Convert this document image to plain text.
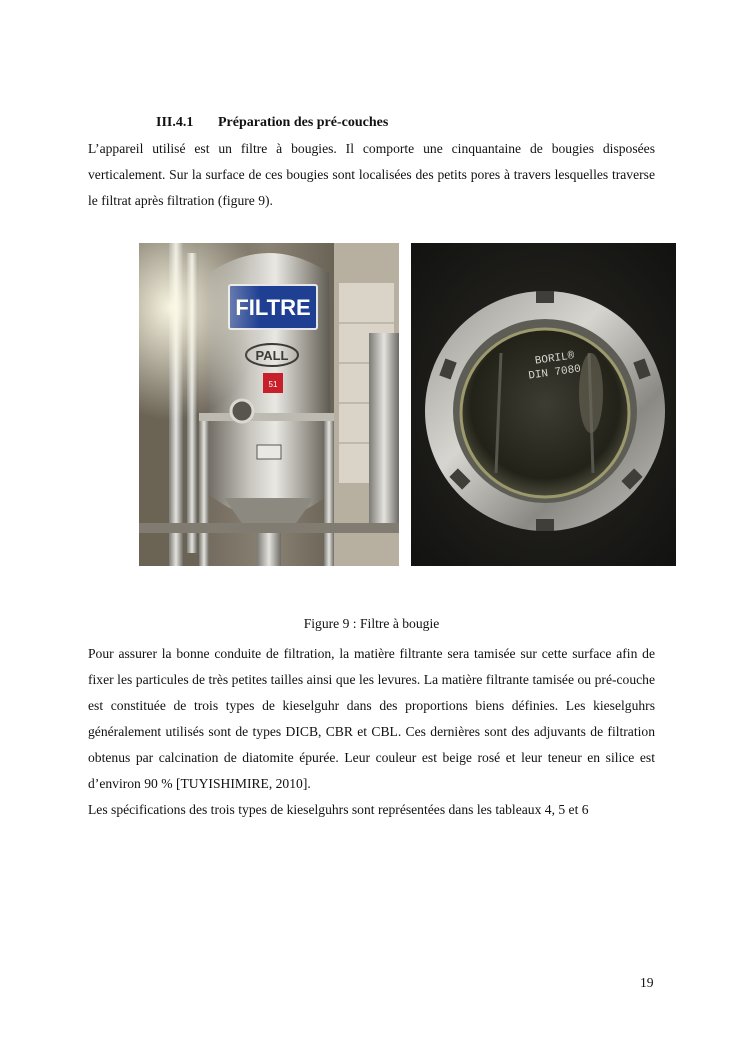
III.4.1 Préparation des pré-couches

L’appareil utilisé est un filtre à bougies. Il comporte une cinquantaine de bougies disposées verticalement. Sur la surface de ces bougies sont localisées des petits pores à travers lesquelles traverse le filtrat après filtration (figure 9).

BORIL®
DIN 7080
Figure 9 : Filtre à bougie

Pour assurer la bonne conduite de filtration, la matière filtrante sera tamisée sur cette surface afin de fixer les particules de très petites tailles ainsi que les levures. La matière filtrante tamisée ou pré-couche est constituée de trois types de kieselguhr dans des proportions biens définies. Les kieselguhrs généralement utilisés sont de types DICB, CBR et CBL. Ces dernières sont des adjuvants de filtration obtenus par calcination de diatomite épurée. Leur couleur est beige rosé et leur teneur en silice est d’environ 90 % [TUYISHIMIRE, 2010].

Les spécifications des trois types de kieselguhrs sont représentées dans les tableaux 4, 5 et 6
19
